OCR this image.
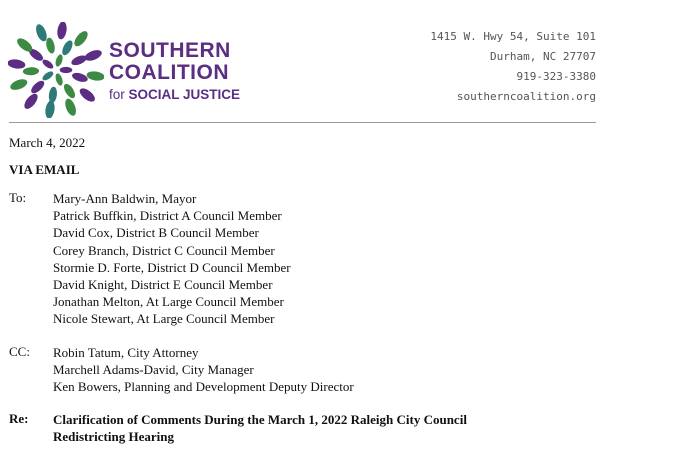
SOUTHERN
COALITION
for SOCIAL JUSTICE
1415 W. Hwy 54, Suite 101
Durham, NC 27707
919-323-3380
southerncoalition.org
March 4, 2022
VIA EMAIL
To: Mary-Ann Baldwin, Mayor
Patrick Buffkin, District A Council Member
David Cox, District B Council Member
Corey Branch, District C Council Member
Stormie D. Forte, District D Council Member
David Knight, District E Council Member
Jonathan Melton, At Large Council Member
Nicole Stewart, At Large Council Member
CC: Robin Tatum, City Attorney
Marchell Adams-David, City Manager
Ken Bowers, Planning and Development Deputy Director
Re: Clarification of Comments During the March 1, 2022 Raleigh City Council
Redistricting Hearing
